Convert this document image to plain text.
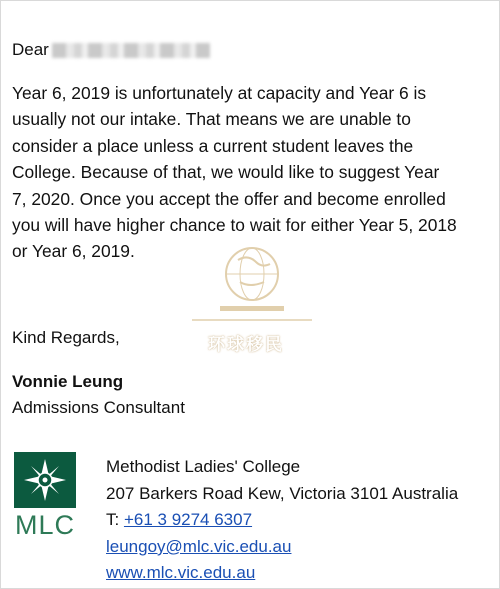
Dear
Year 6, 2019 is unfortunately at capacity and Year 6 is
usually not our intake. That means we are unable to
consider a place unless a current student leaves the
College. Because of that, we would like to suggest Year
7, 2020. Once you accept the offer and become enrolled
you will have higher chance to wait for either Year 5, 2018
or Year 6, 2019.
Kind Regards,
Vonnie Leung
Admissions Consultant
MLC
Methodist Ladies' College
207 Barkers Road Kew, Victoria 3101 Australia
T: +61 3 9274 6307
leungoy@mlc.vic.edu.au
www.mlc.vic.edu.au
环球移民
